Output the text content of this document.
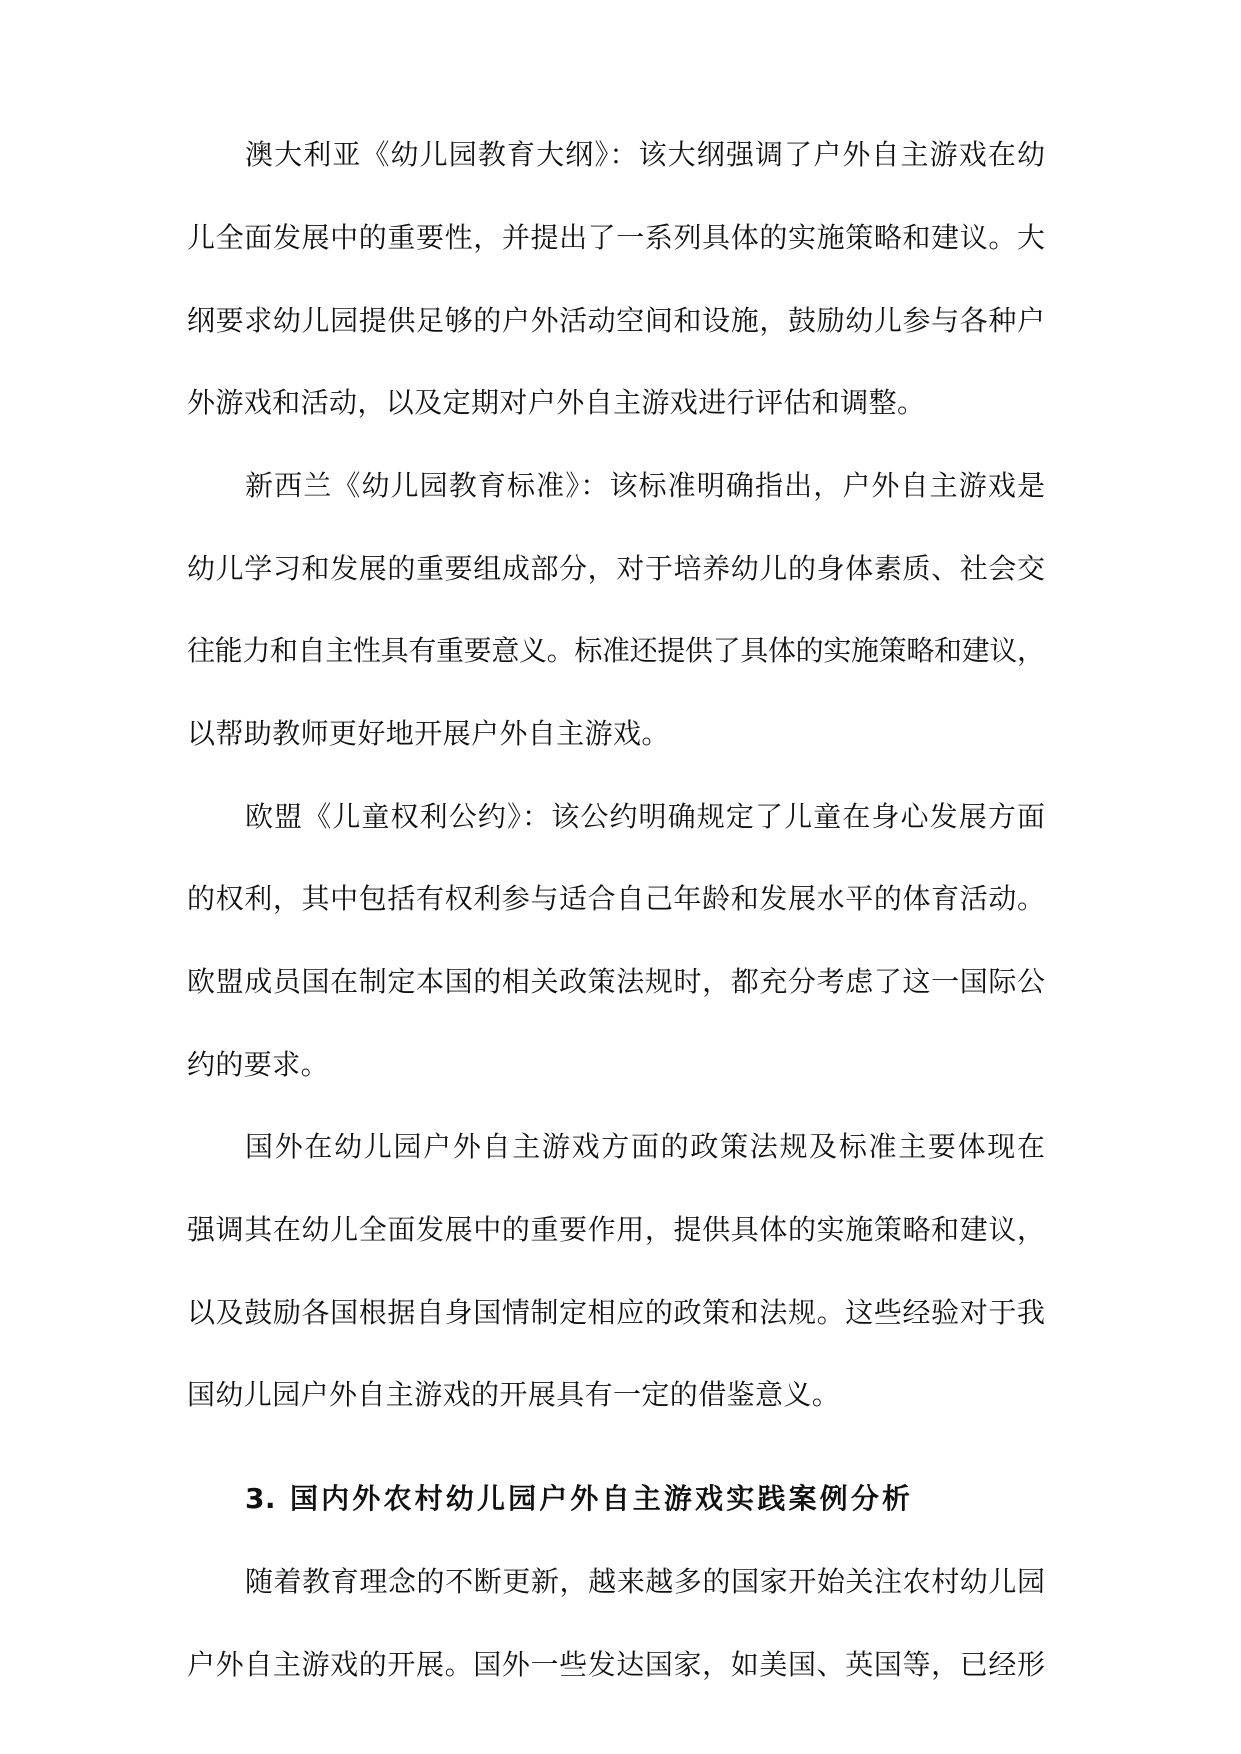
澳大利亚《幼儿园教育大纲》：该大纲强调了户外自主游戏在幼
儿全面发展中的重要性，并提出了一系列具体的实施策略和建议。大
纲要求幼儿园提供足够的户外活动空间和设施，鼓励幼儿参与各种户
外游戏和活动，以及定期对户外自主游戏进行评估和调整。
新西兰《幼儿园教育标准》：该标准明确指出，户外自主游戏是
幼儿学习和发展的重要组成部分，对于培养幼儿的身体素质、社会交
往能力和自主性具有重要意义。标准还提供了具体的实施策略和建议，
以帮助教师更好地开展户外自主游戏。
欧盟《儿童权利公约》：该公约明确规定了儿童在身心发展方面
的权利，其中包括有权利参与适合自己年龄和发展水平的体育活动。
欧盟成员国在制定本国的相关政策法规时，都充分考虑了这一国际公
约的要求。
国外在幼儿园户外自主游戏方面的政策法规及标准主要体现在
强调其在幼儿全面发展中的重要作用，提供具体的实施策略和建议，
以及鼓励各国根据自身国情制定相应的政策和法规。这些经验对于我
国幼儿园户外自主游戏的开展具有一定的借鉴意义。
3. 国内外农村幼儿园户外自主游戏实践案例分析
随着教育理念的不断更新，越来越多的国家开始关注农村幼儿园
户外自主游戏的开展。国外一些发达国家，如美国、英国等，已经形
